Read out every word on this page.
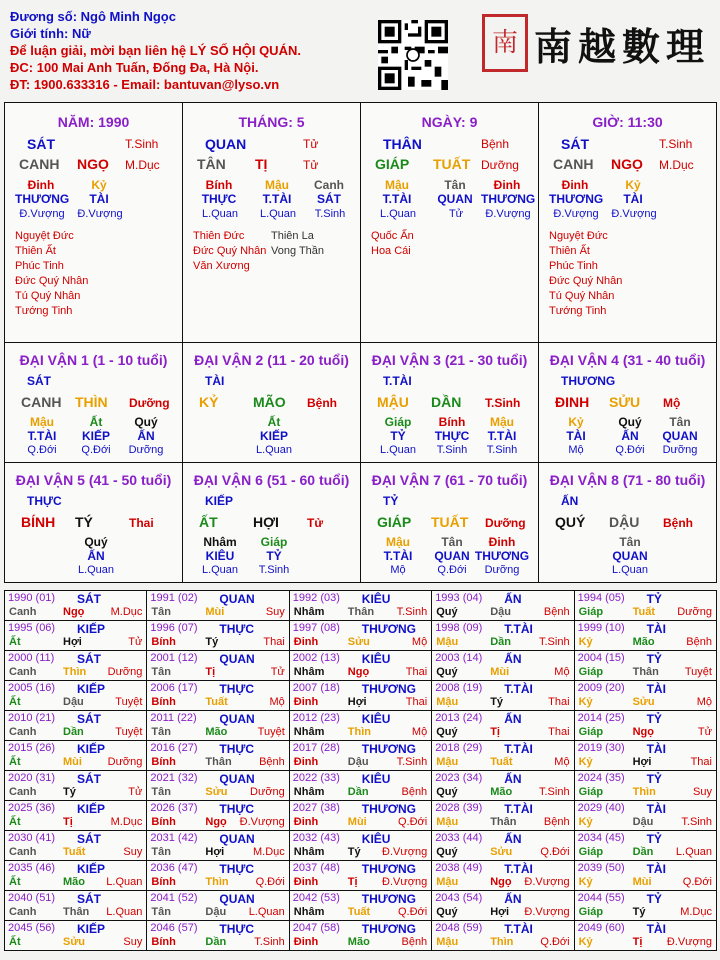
Đương số: Ngô Minh Ngọc
Giới tính: Nữ
Để luận giải, mời bạn liên hệ LÝ SỐ HỘI QUÁN.
ĐC: 100 Mai Anh Tuấn, Đống Đa, Hà Nội.
ĐT: 1900.633316 - Email: bantuvan@lyso.vn
南 南越數理
NĂM: 1990
SÁT	T.Sinh
CANH NGỌ M.Dục
Đinh	Kỷ
THƯƠNG	TÀI
Đ.Vượng Đ.Vượng
Nguyệt Đức
Thiên Ất
Phúc Tinh
Đức Quý Nhân
Tú Quý Nhân
Tướng Tinh
THÁNG: 5
QUAN	Tử
TÂN TỊ	Tử
Bính	Mậu	Canh
THỰC	T.TÀI	SÁT
L.Quan	L.Quan	T.Sinh
Thiên Đức
Đức Quý Nhân
Văn Xương
Thiên La
Vong Thần
NGÀY: 9
THÂN	Bệnh
GIÁP TUẤT Dưỡng
Mậu	Tân	Đinh
T.TÀI	QUAN THƯƠNG
L.Quan	Tử	Đ.Vượng
Quốc Ấn
Hoa Cái
GIỜ: 11:30
SÁT	T.Sinh
CANH NGỌ M.Dục
Đinh	Kỷ
THƯƠNG	TÀI
Đ.Vượng Đ.Vượng
Nguyệt Đức
Thiên Ất
Phúc Tinh
Đức Quý Nhân
Tú Quý Nhân
Tướng Tinh
ĐẠI VẬN 1 (1 - 10 tuổi)
SÁT
CANH THÌN Dưỡng
Mậu	Ất	Quý
T.TÀI	KIẾP	ẤN
Q.Đới	Q.Đới	Dưỡng
ĐẠI VẬN 2 (11 - 20 tuổi)
TÀI
KỶ MÃO Bệnh
Ất
KIẾP
L.Quan
ĐẠI VẬN 3 (21 - 30 tuổi)
T.TÀI
MẬU DẦN T.Sinh
Giáp	Bính	Mậu
TỶ	THỰC	T.TÀI
L.Quan	T.Sinh	T.Sinh
ĐẠI VẬN 4 (31 - 40 tuổi)
THƯƠNG
ĐINH SỬU Mộ
Kỷ	Quý	Tân
TÀI	ẤN	QUAN
Mộ	Q.Đới	Dưỡng
ĐẠI VẬN 5 (41 - 50 tuổi)
THỰC
BÍNH TÝ	Thai
Quý
ẤN
L.Quan
ĐẠI VẬN 6 (51 - 60 tuổi)
KIẾP
ẤT	HỢI Tử
Nhâm	Giáp
KIÊU	TỶ
L.Quan	T.Sinh
ĐẠI VẬN 7 (61 - 70 tuổi)
TỶ
GIÁP TUẤT Dưỡng
Mậu	Tân	Đinh
T.TÀI	QUAN THƯƠNG
Mộ	Q.Đới	Dưỡng
ĐẠI VẬN 8 (71 - 80 tuổi)
ẤN
QUÝ DẬU Bệnh
Tân
QUAN
L.Quan
1990 (01) SÁT
Canh Ngọ M.Dục
1991 (02) QUAN
Tân	Mùi	Suy
1992 (03) KIÊU
Nhâm Thân T.Sinh
1993 (04) ẤN
Quý	Dậu	Bệnh
1994 (05) TỶ
Giáp	Tuất Dưỡng
1995 (06) KIẾP
Ất	Hợi	Tử
1996 (07) THỰC
Bính	Tý	Thai
1997 (08) THƯƠNG
Đinh	Sửu	Mộ
1998 (09) T.TÀI
Mậu	Dần	T.Sinh
1999 (10) TÀI
Kỷ	Mão	Bệnh
2000 (11) SÁT
Canh Thìn Dưỡng
2001 (12) QUAN
Tân	Tị	Tử
2002 (13) KIÊU
Nhâm Ngọ	Thai
2003 (14) ẤN
Quý	Mùi	Mộ
2004 (15) TỶ
Giáp	Thân Tuyệt
2005 (16) KIẾP
Ất	Dậu	Tuyệt
2006 (17) THỰC
Bính	Tuất	Mộ
2007 (18) THƯƠNG
Đinh	Hợi	Thai
2008 (19) T.TÀI
Mậu	Tý	Thai
2009 (20) TÀI
Kỷ	Sửu	Mộ
2010 (21) SÁT
Canh Dần	Tuyệt
2011 (22) QUAN
Tân	Mão	Tuyệt
2012 (23) KIÊU
Nhâm Thìn	Mộ
2013 (24) ẤN
Quý	Tị	Thai
2014 (25) TỶ
Giáp	Ngọ	Tử
2015 (26) KIẾP
Ất	Mùi Dưỡng
2016 (27) THỰC
Bính	Thân Bệnh
2017 (28) THƯƠNG
Đinh	Dậu	T.Sinh
2018 (29) T.TÀI
Mậu	Tuất	Mộ
2019 (30) TÀI
Kỷ	Hợi	Thai
2020 (31) SÁT
Canh Tý	Tử
2021 (32) QUAN
Tân	Sửu Dưỡng
2022 (33) KIÊU
Nhâm Dần	Bệnh
2023 (34) ẤN
Quý	Mão T.Sinh
2024 (35) TỶ
Giáp	Thìn	Suy
2025 (36) KIẾP
Ất	Tị	M.Dục
2026 (37) THỰC
Bính	Ngọ Đ.Vượng
2027 (38) THƯƠNG
Đinh	Mùi	Q.Đới
2028 (39) T.TÀI
Mậu	Thân Bệnh
2029 (40) TÀI
Kỷ	Dậu	T.Sinh
2030 (41) SÁT
Canh Tuất	Suy
2031 (42) QUAN
Tân	Hợi	M.Dục
2032 (43) KIÊU
Nhâm Tý Đ.Vượng
2033 (44) ẤN
Quý	Sửu	Q.Đới
2034 (45) TỶ
Giáp	Dần L.Quan
2035 (46) KIẾP
Ất	Mão L.Quan
2036 (47) THỰC
Bính	Thìn Q.Đới
2037 (48) THƯƠNG
Đinh	Tị Đ.Vượng
2038 (49) T.TÀI
Mậu	Ngọ Đ.Vượng
2039 (50) TÀI
Kỷ	Mùi	Q.Đới
2040 (51) SÁT
Canh Thân L.Quan
2041 (52) QUAN
Tân	Dậu L.Quan
2042 (53) THƯƠNG
Nhâm Tuất	Q.Đới
2043 (54) ẤN
Quý	Hợi Đ.Vượng
2044 (55) TỶ
Giáp	Tý	M.Dục
2045 (56) KIẾP
Ất	Sửu	Suy
2046 (57) THỰC
Bính	Dần	T.Sinh
2047 (58) THƯƠNG
Đinh	Mão	Bệnh
2048 (59) T.TÀI
Mậu	Thìn Q.Đới
2049 (60) TÀI
Kỷ	Tị Đ.Vượng
